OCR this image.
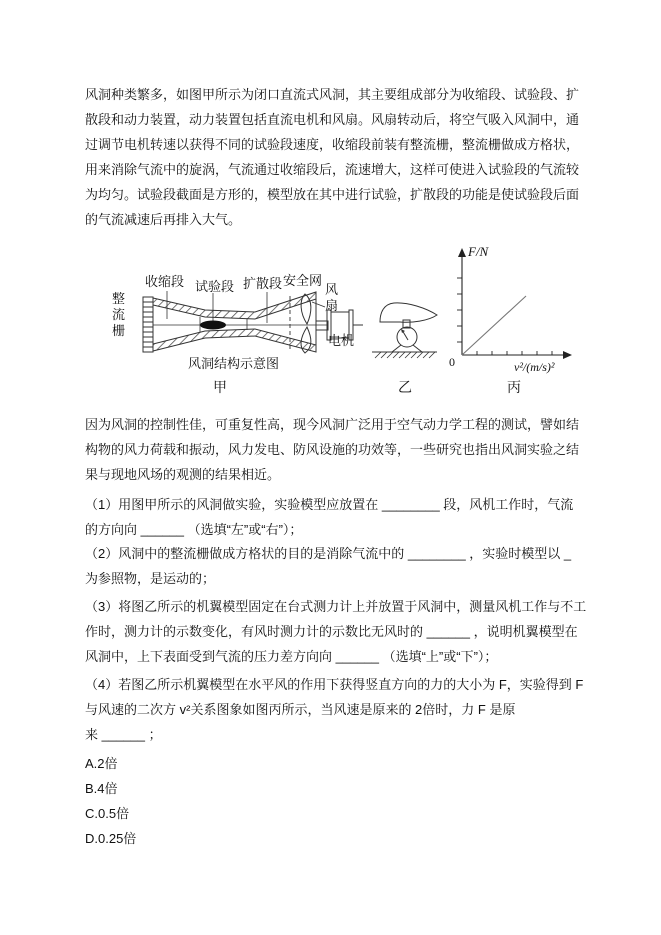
风洞种类繁多，如图甲所示为闭口直流式风洞，其主要组成部分为收缩段、试验段、扩
散段和动力装置，动力装置包括直流电机和风扇。风扇转动后，将空气吸入风洞中，通
过调节电机转速以获得不同的试验段速度，收缩段前装有整流栅，整流栅做成方格状，
用来消除气流中的旋涡，气流通过收缩段后，流速增大，这样可使进入试验段的气流较
为均匀。试验段截面是方形的，模型放在其中进行试验，扩散段的功能是使试验段后面
的气流减速后再排入大气。
整流栅
收缩段 试验段 扩散段 安全网
风扇
电机
风洞结构示意图
甲	乙	丙
F/N
0	v²/(m/s)²
因为风洞的控制性佳，可重复性高，现今风洞广泛用于空气动力学工程的测试，譬如结
构物的风力荷载和振动，风力发电、防风设施的功效等，一些研究也指出风洞实验之结
果与现地风场的观测的结果相近。
（1）用图甲所示的风洞做实验，实验模型应放置在 ________ 段，风机工作时，气流
的方向向 ______ （选填“左”或“右”）；
（2）风洞中的整流栅做成方格状的目的是消除气流中的 ________ ，实验时模型以 _
为参照物，是运动的；
（3）将图乙所示的机翼模型固定在台式测力计上并放置于风洞中，测量风机工作与不工
作时，测力计的示数变化，有风时测力计的示数比无风时的 ______ ，说明机翼模型在
风洞中，上下表面受到气流的压力差方向向 ______ （选填“上”或“下”）；
（4）若图乙所示机翼模型在水平风的作用下获得竖直方向的力的大小为 F，实验得到 F
与风速的二次方 v²关系图象如图丙所示，当风速是原来的 2倍时，力 F 是原
来 ______ ；
A.2倍
B.4倍
C.0.5倍
D.0.25倍
